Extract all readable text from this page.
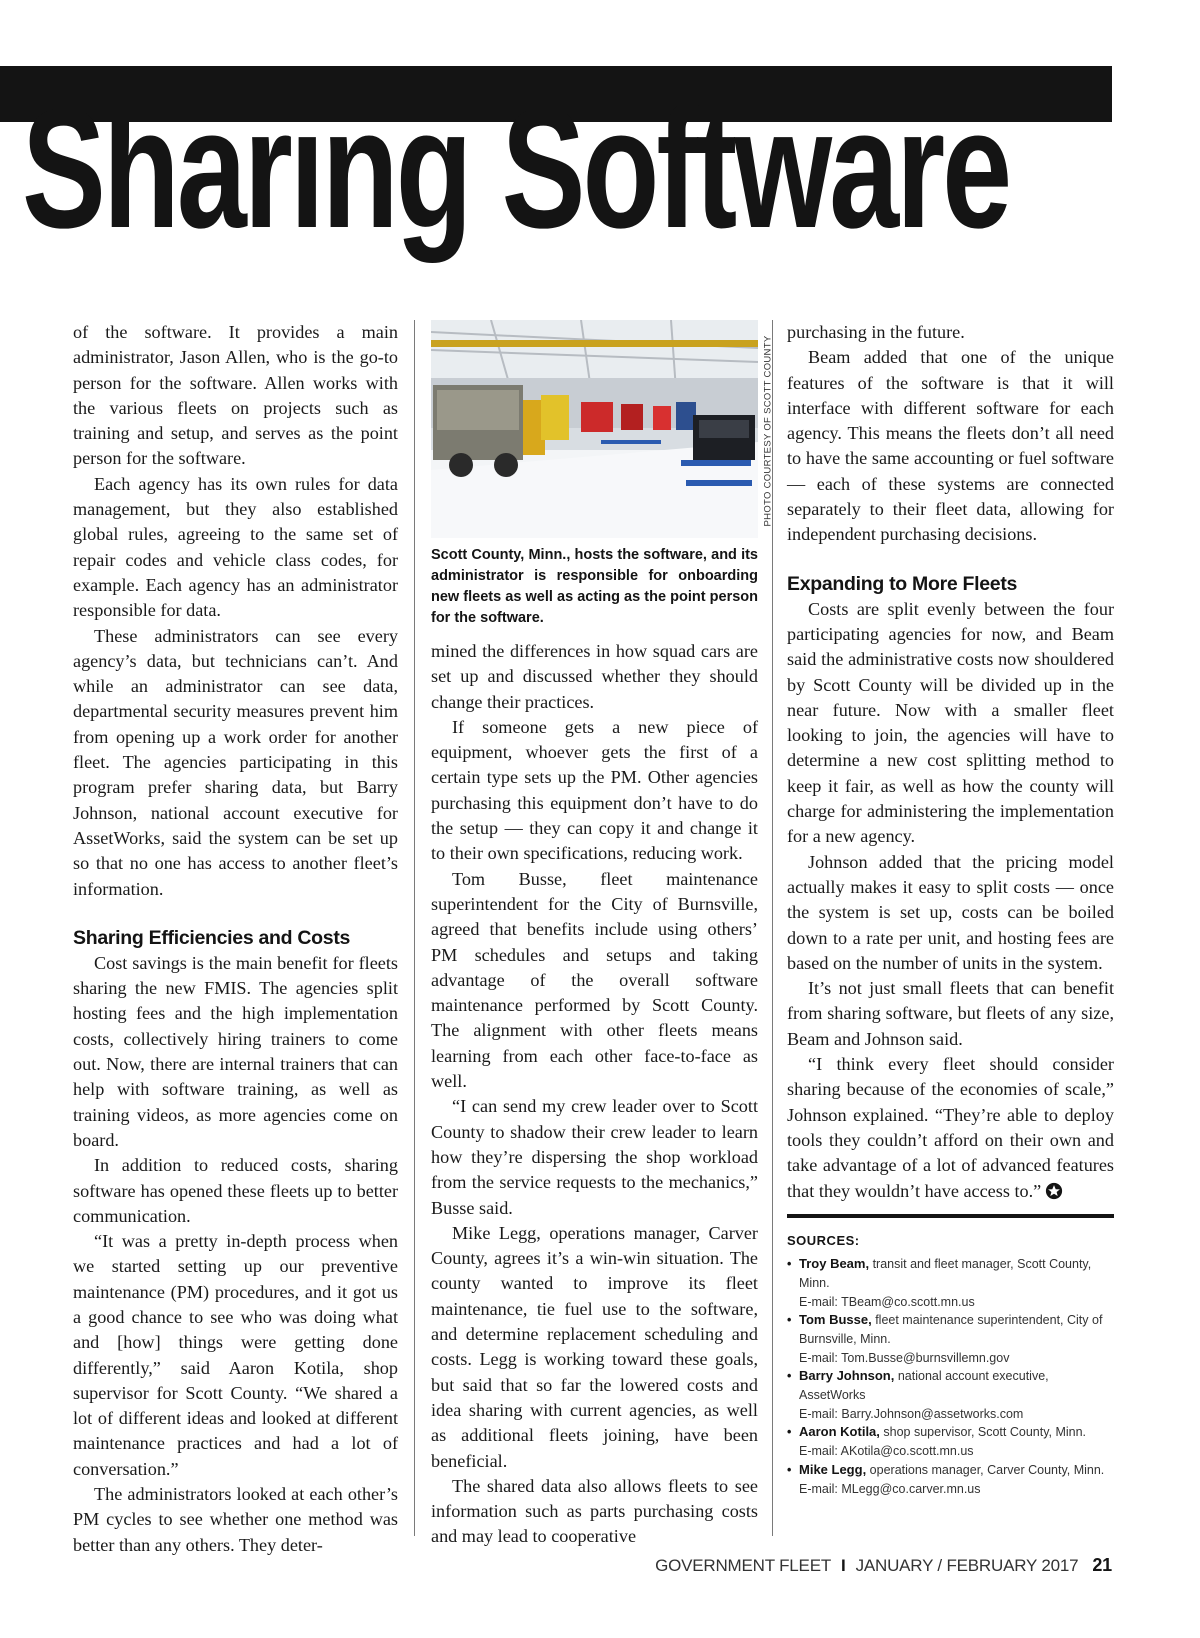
Sharing Software

of the software. It provides a main administrator, Jason Allen, who is the go-to person for the software. Allen works with the various fleets on projects such as training and setup, and serves as the point person for the software.

Each agency has its own rules for data management, but they also established global rules, agreeing to the same set of repair codes and vehicle class codes, for example. Each agency has an administrator responsible for data.

These administrators can see every agency’s data, but technicians can’t. And while an administrator can see data, departmental security measures prevent him from opening up a work order for another fleet. The agencies participating in this program prefer sharing data, but Barry Johnson, national account executive for AssetWorks, said the system can be set up so that no one has access to another fleet’s information.

Sharing Efficiencies and Costs

Cost savings is the main benefit for fleets sharing the new FMIS. The agencies split hosting fees and the high implementation costs, collectively hiring trainers to come out. Now, there are internal trainers that can help with software training, as well as training videos, as more agencies come on board.

In addition to reduced costs, sharing software has opened these fleets up to better communication.

“It was a pretty in-depth process when we started setting up our preventive maintenance (PM) procedures, and it got us a good chance to see who was doing what and [how] things were getting done differently,” said Aaron Kotila, shop supervisor for Scott County. “We shared a lot of different ideas and looked at different maintenance practices and had a lot of conversation.”

The administrators looked at each other’s PM cycles to see whether one method was better than any others. They deter-

Scott County, Minn., hosts the software, and its administrator is responsible for onboarding new fleets as well as acting as the point person for the software.

mined the differences in how squad cars are set up and discussed whether they should change their practices.

If someone gets a new piece of equipment, whoever gets the first of a certain type sets up the PM. Other agencies purchasing this equipment don’t have to do the setup — they can copy it and change it to their own specifications, reducing work.

Tom Busse, fleet maintenance superintendent for the City of Burnsville, agreed that benefits include using others’ PM schedules and setups and taking advantage of the overall software maintenance performed by Scott County. The alignment with other fleets means learning from each other face-to-face as well.

“I can send my crew leader over to Scott County to shadow their crew leader to learn how they’re dispersing the shop workload from the service requests to the mechanics,” Busse said.

Mike Legg, operations manager, Carver County, agrees it’s a win-win situation. The county wanted to improve its fleet maintenance, tie fuel use to the software, and determine replacement scheduling and costs. Legg is working toward these goals, but said that so far the lowered costs and idea sharing with current agencies, as well as additional fleets joining, have been beneficial.

The shared data also allows fleets to see information such as parts purchasing costs and may lead to cooperative

PHOTO COURTESY OF SCOTT COUNTY

purchasing in the future.

Beam added that one of the unique features of the software is that it will interface with different software for each agency. This means the fleets don’t all need to have the same accounting or fuel software — each of these systems are connected separately to their fleet data, allowing for independent purchasing decisions.

Expanding to More Fleets

Costs are split evenly between the four participating agencies for now, and Beam said the administrative costs now shouldered by Scott County will be divided up in the near future. Now with a smaller fleet looking to join, the agencies will have to determine a new cost splitting method to keep it fair, as well as how the county will charge for administering the implementation for a new agency.

Johnson added that the pricing model actually makes it easy to split costs — once the system is set up, costs can be boiled down to a rate per unit, and hosting fees are based on the number of units in the system.

It’s not just small fleets that can benefit from sharing software, but fleets of any size, Beam and Johnson said.

“I think every fleet should consider sharing because of the economies of scale,” Johnson explained. “They’re able to deploy tools they couldn’t afford on their own and take advantage of a lot of advanced features that they wouldn’t have access to.”

SOURCES:
• Troy Beam, transit and fleet manager, Scott County, Minn.
E-mail: TBeam@co.scott.mn.us
• Tom Busse, fleet maintenance superintendent, City of Burnsville, Minn.
E-mail: Tom.Busse@burnsvillemn.gov
• Barry Johnson, national account executive, AssetWorks
E-mail: Barry.Johnson@assetworks.com
• Aaron Kotila, shop supervisor, Scott County, Minn.
E-mail: AKotila@co.scott.mn.us
• Mike Legg, operations manager, Carver County, Minn.
E-mail: MLegg@co.carver.mn.us
GOVERNMENT FLEET I JANUARY / FEBRUARY 2017 21
